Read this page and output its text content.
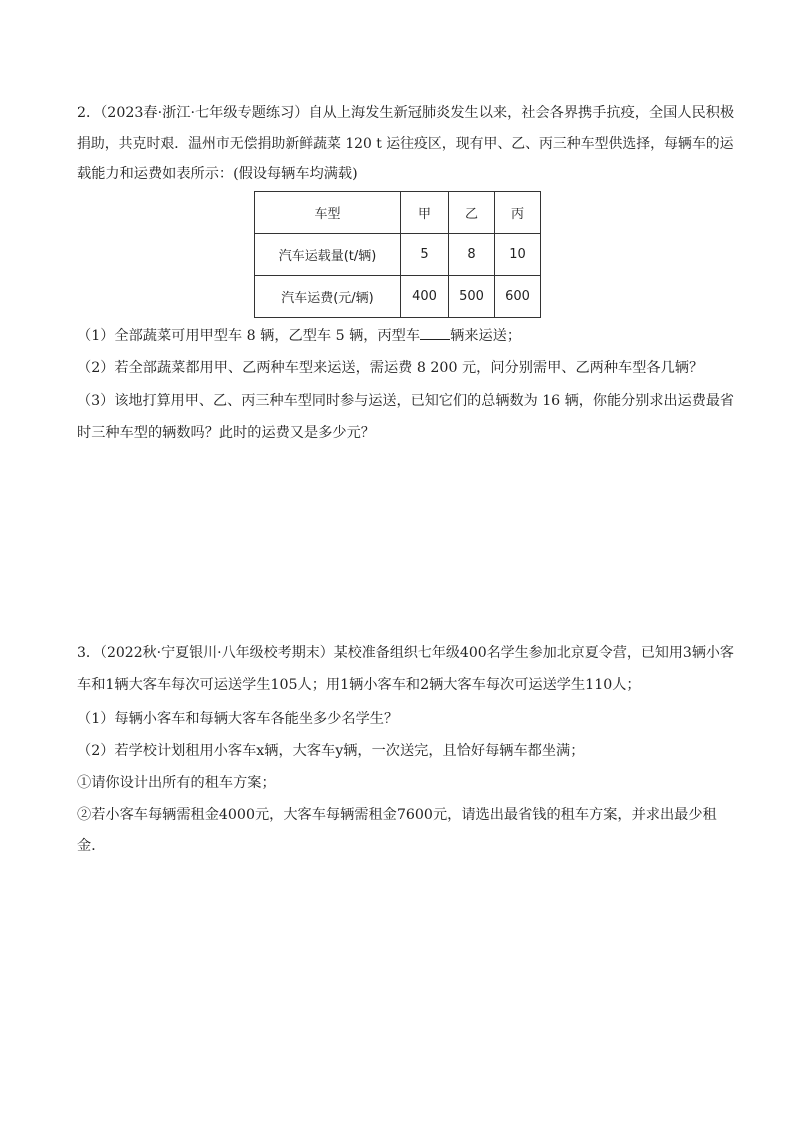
2．（2023春·浙江·七年级专题练习）自从上海发生新冠肺炎发生以来，社会各界携手抗疫，全国人民积极
捐助，共克时艰．温州市无偿捐助新鲜蔬菜 120 t 运往疫区，现有甲、乙、丙三种车型供选择，每辆车的运
载能力和运费如表所示：(假设每辆车均满载)
车型	甲	乙	丙
汽车运载量(t/辆)	5	8	10
汽车运费(元/辆)	400	500	600
（1）全部蔬菜可用甲型车 8 辆，乙型车 5 辆，丙型车 辆来运送；
（2）若全部蔬菜都用甲、乙两种车型来运送，需运费 8 200 元，问分别需甲、乙两种车型各几辆？
（3）该地打算用甲、乙、丙三种车型同时参与运送，已知它们的总辆数为 16 辆，你能分别求出运费最省
时三种车型的辆数吗？此时的运费又是多少元？
3．（2022秋·宁夏银川·八年级校考期末）某校准备组织七年级400名学生参加北京夏令营，已知用3辆小客
车和1辆大客车每次可运送学生105人；用1辆小客车和2辆大客车每次可运送学生110人；
（1）每辆小客车和每辆大客车各能坐多少名学生？
（2）若学校计划租用小客车x辆，大客车y辆，一次送完，且恰好每辆车都坐满；
①请你设计出所有的租车方案；
②若小客车每辆需租金4000元，大客车每辆需租金7600元，请选出最省钱的租车方案，并求出最少租
金．
